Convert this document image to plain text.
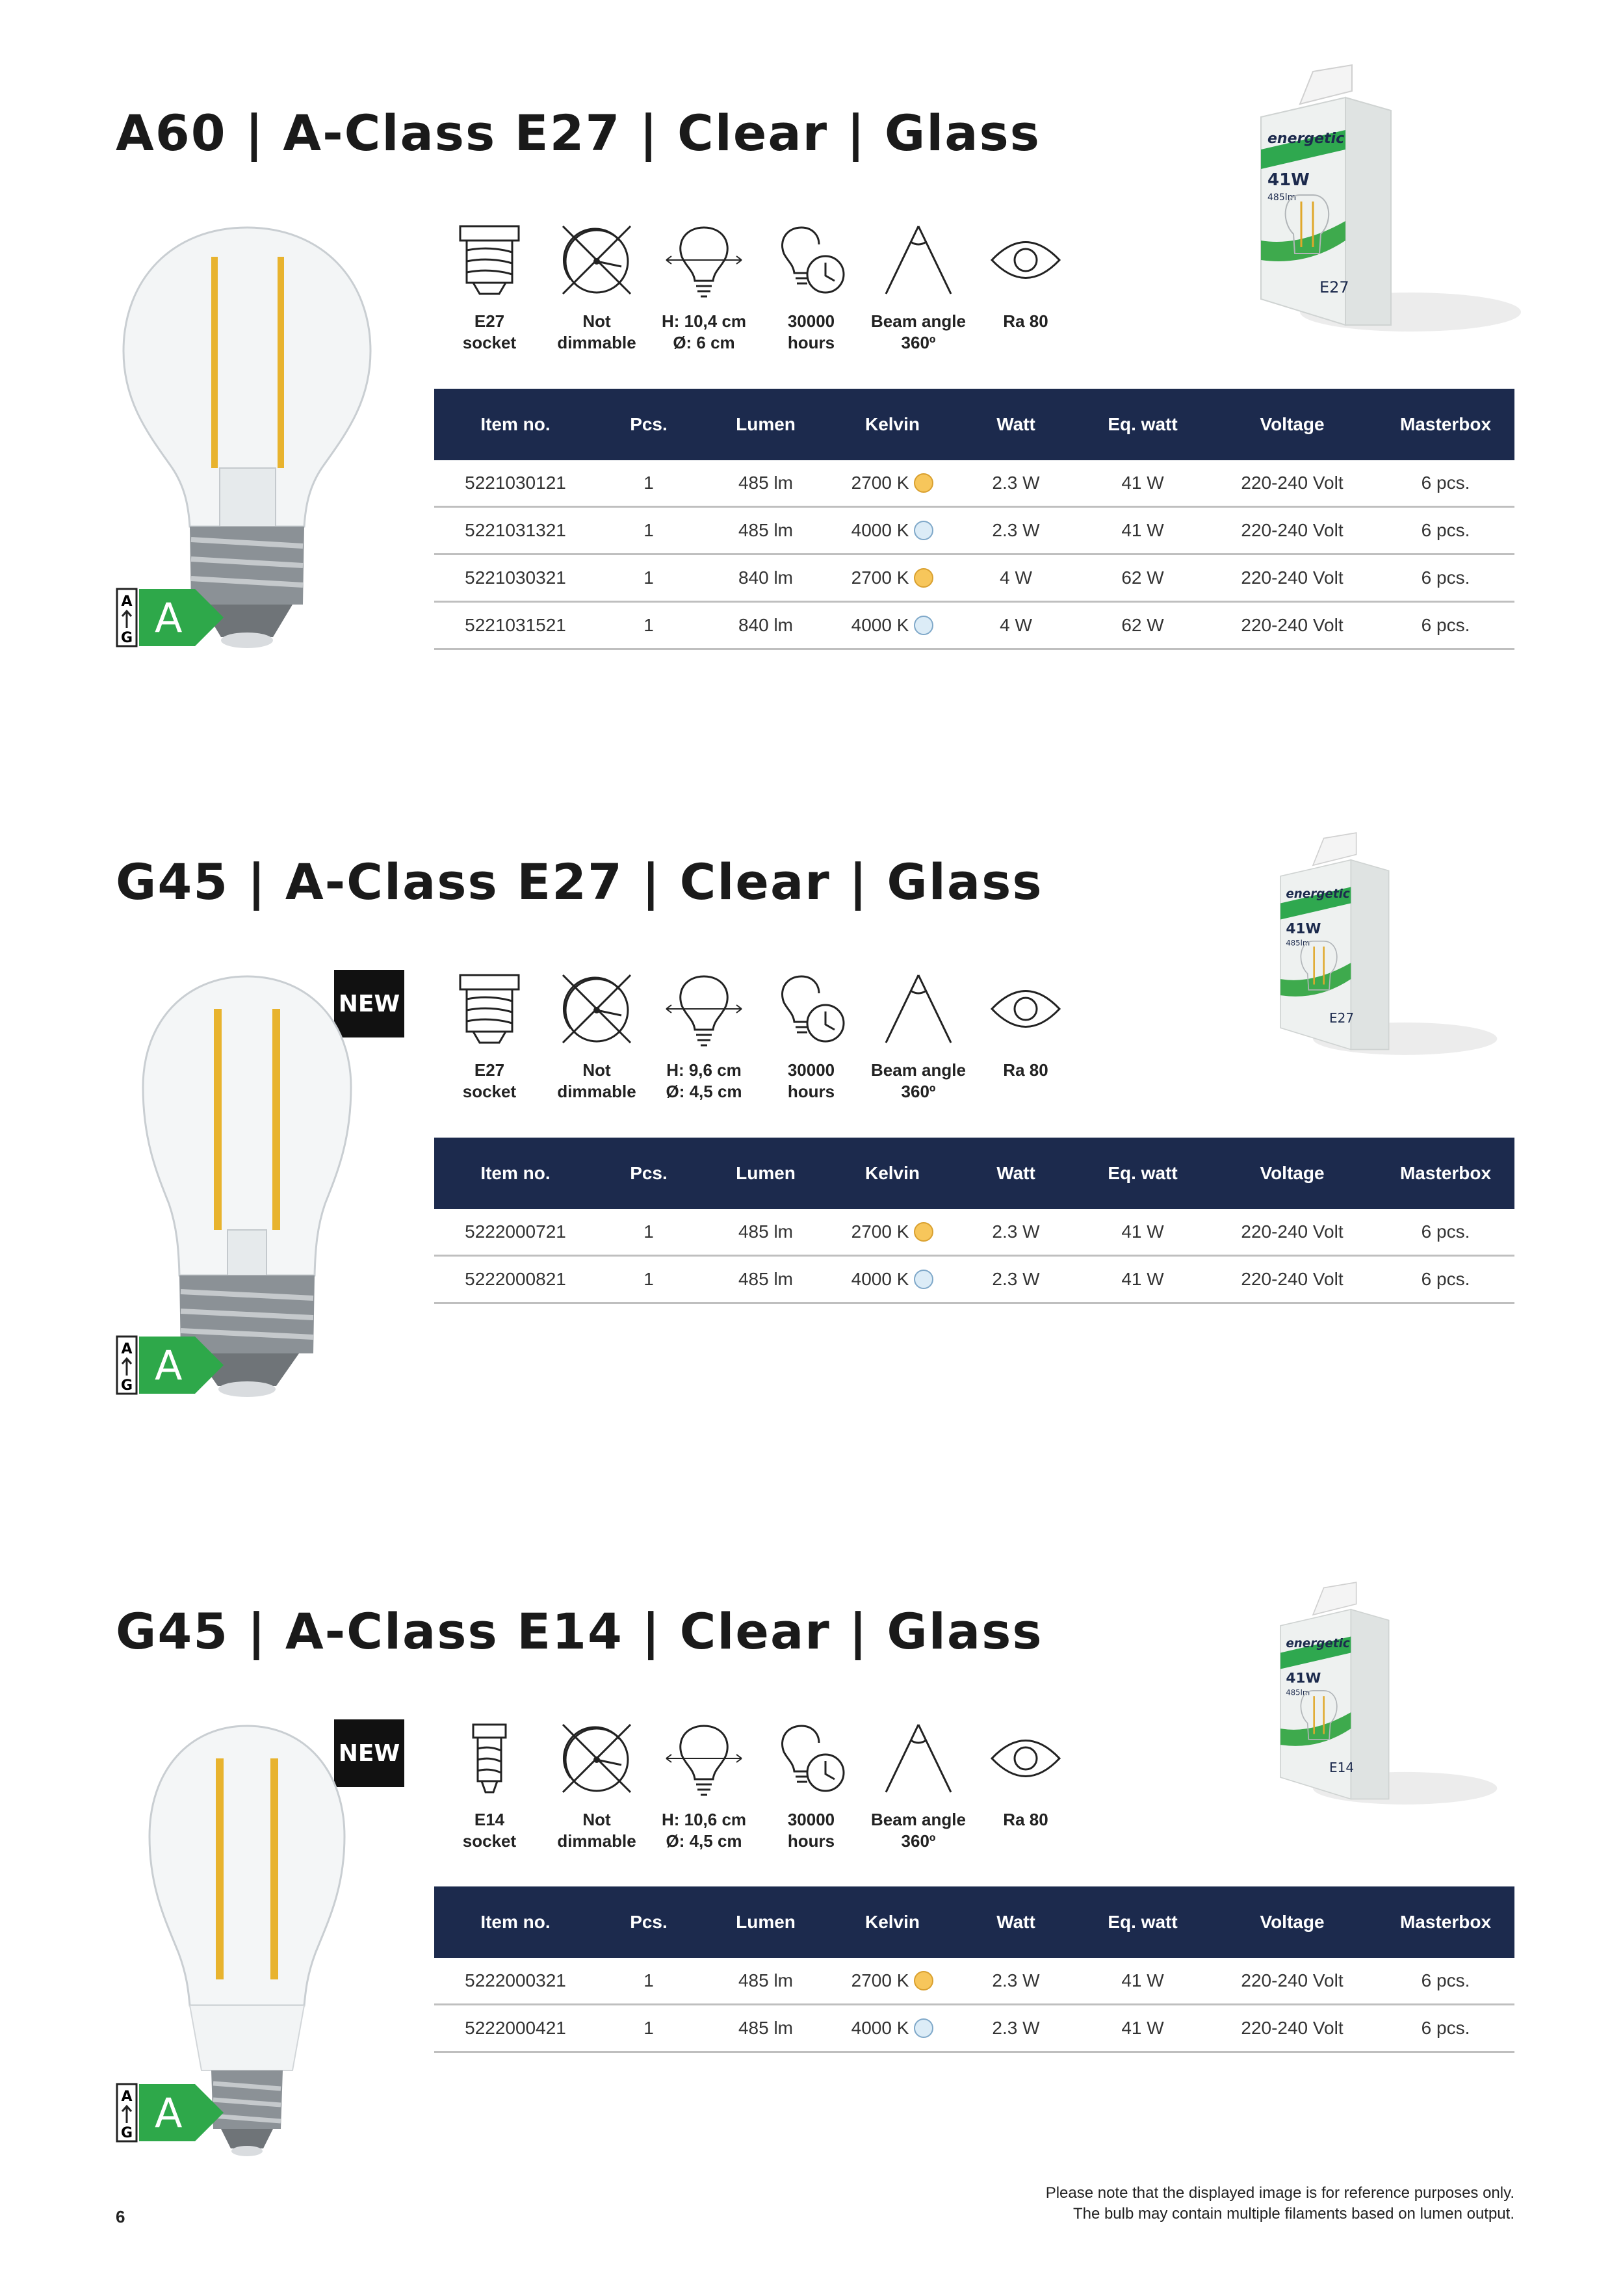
A60 | A-Class E27 | Clear | Glass
A
G A
E27
socket
Not
dimmable
H: 10,4 cm
Ø: 6 cm
30000
hours
Beam angle
360º
Ra 80
energetic
41W
485lm
E27
Item no.	Pcs.	Lumen	Kelvin	Watt	Eq. watt	Voltage	Masterbox
5221030121	1	485 lm	2700 K	2.3 W	41 W	220-240 Volt	6 pcs.
5221031321	1	485 lm	4000 K	2.3 W	41 W	220-240 Volt	6 pcs.
5221030321	1	840 lm	2700 K	4 W	62 W	220-240 Volt	6 pcs.
5221031521	1	840 lm	4000 K	4 W	62 W	220-240 Volt	6 pcs.
G45 | A-Class E27 | Clear | Glass
NEW
A
G A
E27
socket
Not
dimmable
H: 9,6 cm
Ø: 4,5 cm
30000
hours
Beam angle
360º
Ra 80
energetic
41W
485lm
E27
Item no.	Pcs.	Lumen	Kelvin	Watt	Eq. watt	Voltage	Masterbox
5222000721	1	485 lm	2700 K	2.3 W	41 W	220-240 Volt	6 pcs.
5222000821	1	485 lm	4000 K	2.3 W	41 W	220-240 Volt	6 pcs.
G45 | A-Class E14 | Clear | Glass
NEW
A
G A
E14
socket
Not
dimmable
H: 10,6 cm
Ø: 4,5 cm
30000
hours
Beam angle
360º
Ra 80
energetic
41W
485lm
E14
Item no.	Pcs.	Lumen	Kelvin	Watt	Eq. watt	Voltage	Masterbox
5222000321	1	485 lm	2700 K	2.3 W	41 W	220-240 Volt	6 pcs.
5222000421	1	485 lm	4000 K	2.3 W	41 W	220-240 Volt	6 pcs.
6
Please note that the displayed image is for reference purposes only.
The bulb may contain multiple filaments based on lumen output.
